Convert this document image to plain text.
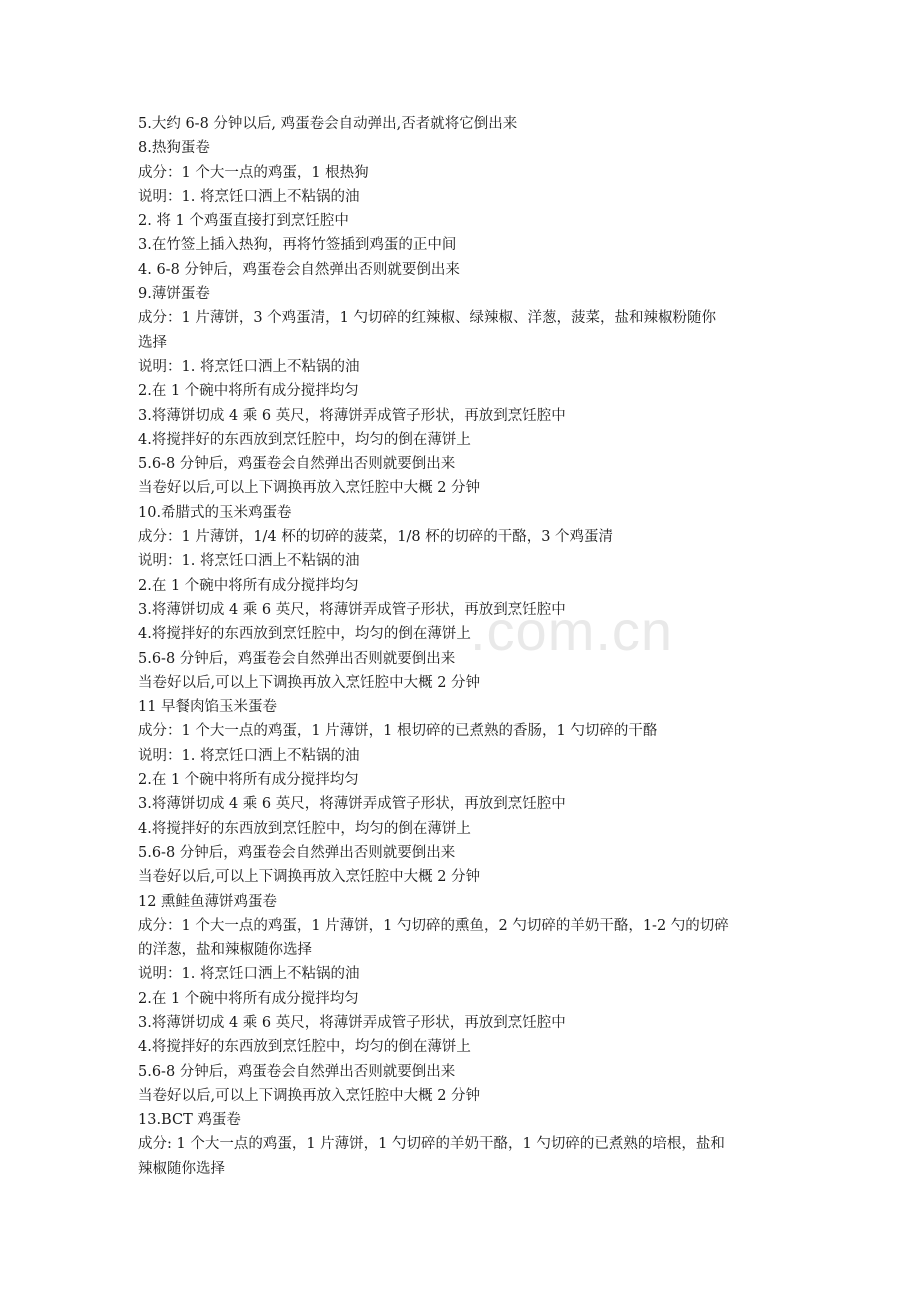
.com.cn
5.大约 6-8 分钟以后, 鸡蛋卷会自动弹出,否者就将它倒出来
8.热狗蛋卷
成分：1 个大一点的鸡蛋，1 根热狗
说明：1. 将烹饪口洒上不粘锅的油
2. 将 1 个鸡蛋直接打到烹饪腔中
3.在竹签上插入热狗，再将竹签插到鸡蛋的正中间
4. 6-8 分钟后，鸡蛋卷会自然弹出否则就要倒出来
9.薄饼蛋卷
成分：1 片薄饼，3 个鸡蛋清，1 勺切碎的红辣椒、绿辣椒、洋葱，菠菜，盐和辣椒粉随你
选择
说明：1. 将烹饪口洒上不粘锅的油
2.在 1 个碗中将所有成分搅拌均匀
3.将薄饼切成 4 乘 6 英尺，将薄饼弄成管子形状，再放到烹饪腔中
4.将搅拌好的东西放到烹饪腔中，均匀的倒在薄饼上
5.6-8 分钟后，鸡蛋卷会自然弹出否则就要倒出来
当卷好以后,可以上下调换再放入烹饪腔中大概 2 分钟
10.希腊式的玉米鸡蛋卷
成分：1 片薄饼，1/4 杯的切碎的菠菜，1/8 杯的切碎的干酪，3 个鸡蛋清
说明：1. 将烹饪口洒上不粘锅的油
2.在 1 个碗中将所有成分搅拌均匀
3.将薄饼切成 4 乘 6 英尺，将薄饼弄成管子形状，再放到烹饪腔中
4.将搅拌好的东西放到烹饪腔中，均匀的倒在薄饼上
5.6-8 分钟后，鸡蛋卷会自然弹出否则就要倒出来
当卷好以后,可以上下调换再放入烹饪腔中大概 2 分钟
11 早餐肉馅玉米蛋卷
成分：1 个大一点的鸡蛋，1 片薄饼，1 根切碎的已煮熟的香肠，1 勺切碎的干酪
说明：1. 将烹饪口洒上不粘锅的油
2.在 1 个碗中将所有成分搅拌均匀
3.将薄饼切成 4 乘 6 英尺，将薄饼弄成管子形状，再放到烹饪腔中
4.将搅拌好的东西放到烹饪腔中，均匀的倒在薄饼上
5.6-8 分钟后，鸡蛋卷会自然弹出否则就要倒出来
当卷好以后,可以上下调换再放入烹饪腔中大概 2 分钟
12 熏鲑鱼薄饼鸡蛋卷
成分：1 个大一点的鸡蛋，1 片薄饼，1 勺切碎的熏鱼，2 勺切碎的羊奶干酪，1-2 勺的切碎
的洋葱，盐和辣椒随你选择
说明：1. 将烹饪口洒上不粘锅的油
2.在 1 个碗中将所有成分搅拌均匀
3.将薄饼切成 4 乘 6 英尺，将薄饼弄成管子形状，再放到烹饪腔中
4.将搅拌好的东西放到烹饪腔中，均匀的倒在薄饼上
5.6-8 分钟后，鸡蛋卷会自然弹出否则就要倒出来
当卷好以后,可以上下调换再放入烹饪腔中大概 2 分钟
13.BCT 鸡蛋卷
成分: 1 个大一点的鸡蛋，1 片薄饼，1 勺切碎的羊奶干酪，1 勺切碎的已煮熟的培根，盐和
辣椒随你选择
